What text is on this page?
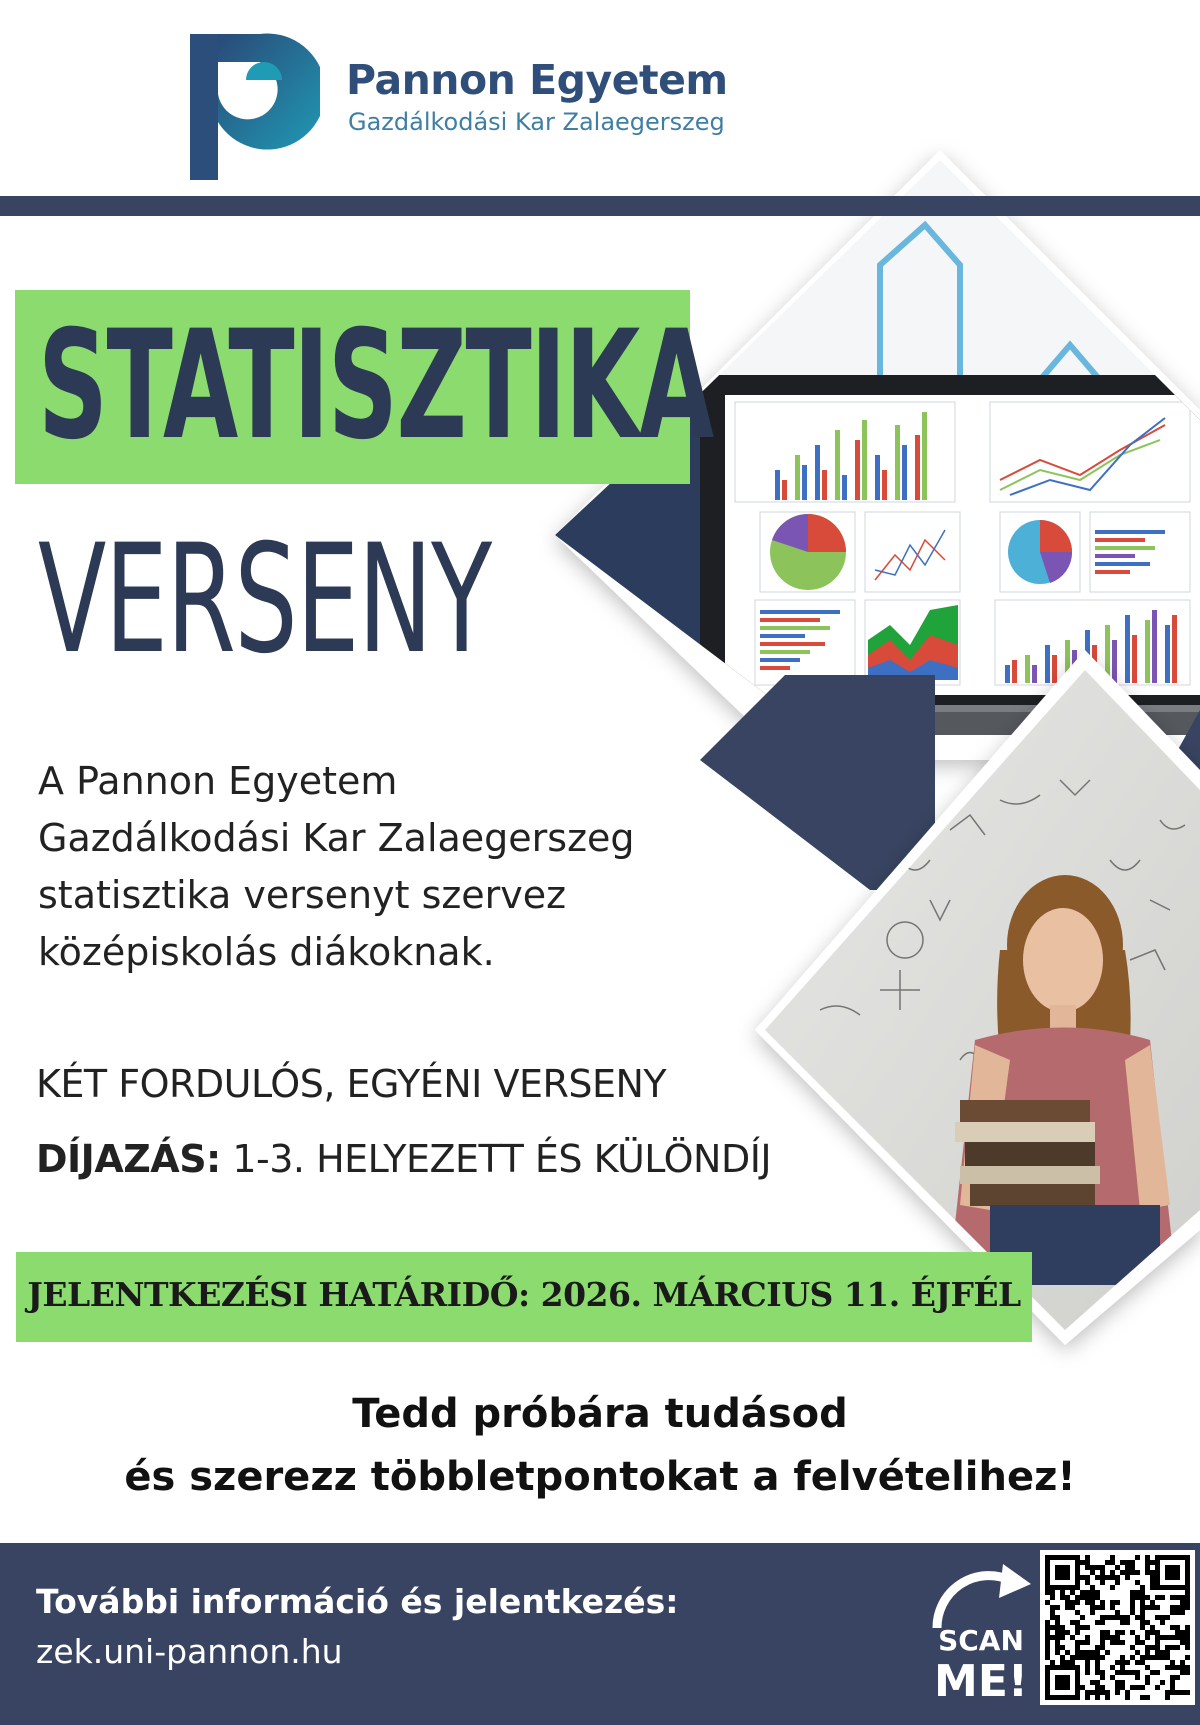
Pannon Egyetem
Gazdálkodási Kar Zalaegerszeg
STATISZTIKA
VERSENY
A Pannon Egyetem
Gazdálkodási Kar Zalaegerszeg
statisztika versenyt szervez
középiskolás diákoknak.
KÉT FORDULÓS, EGYÉNI VERSENY
DÍJAZÁS: 1-3. HELYEZETT ÉS KÜLÖNDÍJ
JELENTKEZÉSI HATÁRIDŐ: 2026. MÁRCIUS 11. ÉJFÉL
Tedd próbára tudásod
és szerezz többletpontokat a felvételihez!
További információ és jelentkezés:
zek.uni-pannon.hu	SCAN
ME!
